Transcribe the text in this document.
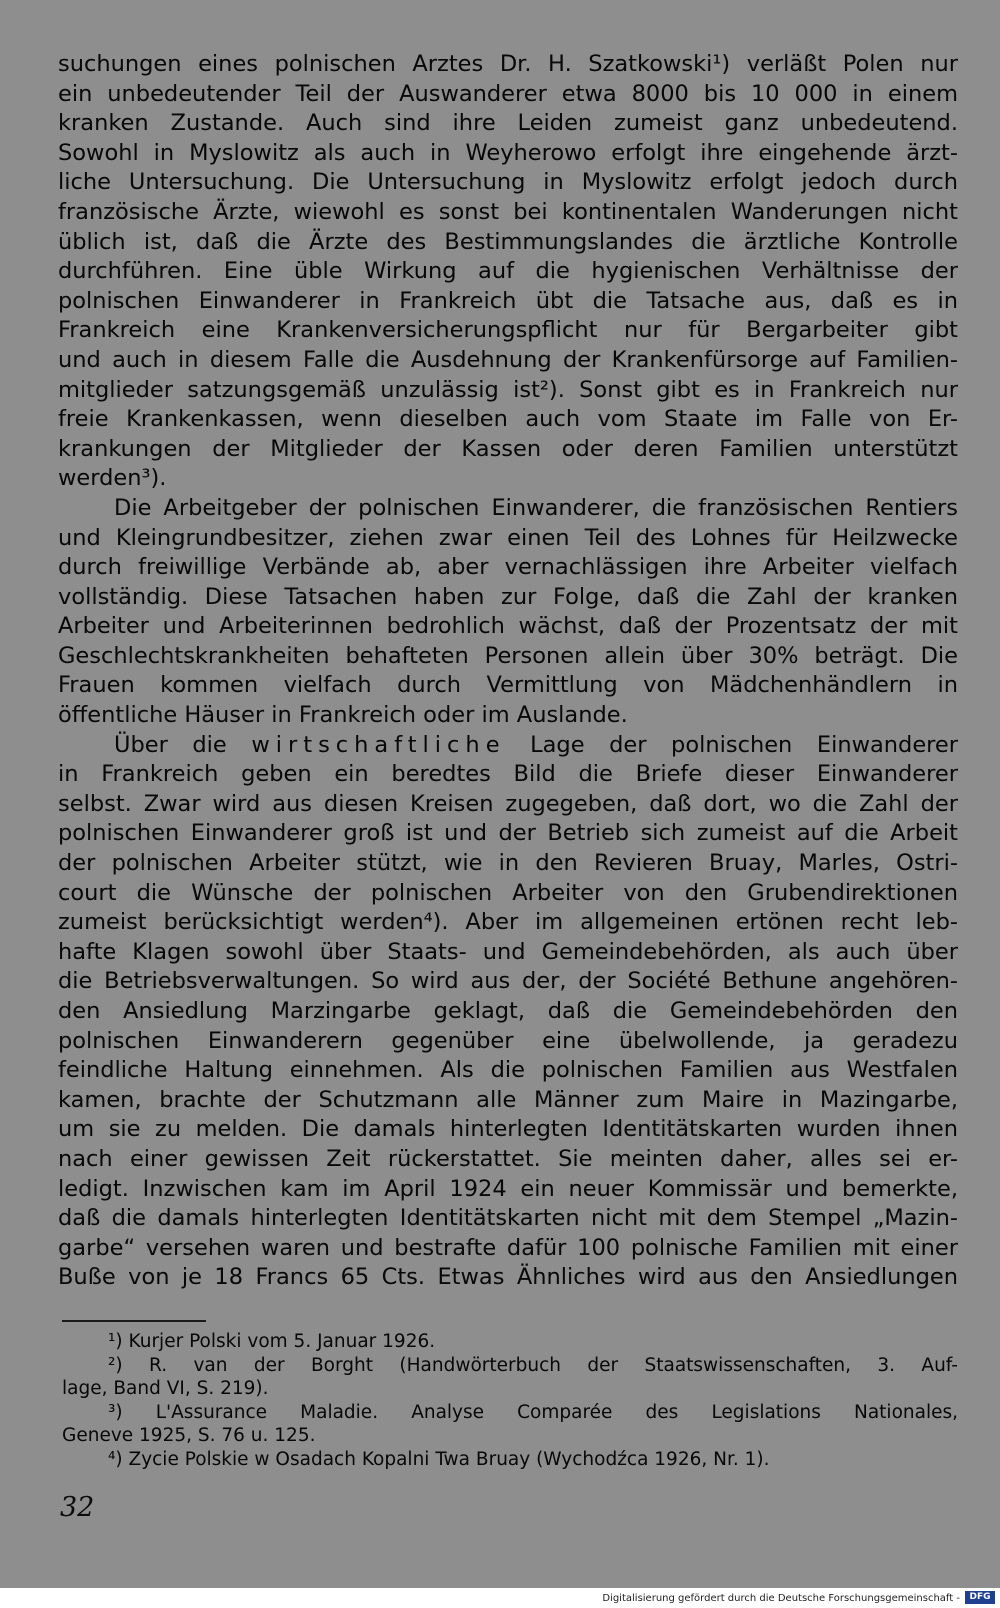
suchungen eines polnischen Arztes Dr. H. Szatkowski¹) verläßt Polen nur
ein unbedeutender Teil der Auswanderer etwa 8000 bis 10 000 in einem
kranken Zustande. Auch sind ihre Leiden zumeist ganz unbedeutend.
Sowohl in Myslowitz als auch in Weyherowo erfolgt ihre eingehende ärzt-
liche Untersuchung. Die Untersuchung in Myslowitz erfolgt jedoch durch
französische Ärzte, wiewohl es sonst bei kontinentalen Wanderungen nicht
üblich ist, daß die Ärzte des Bestimmungslandes die ärztliche Kontrolle
durchführen. Eine üble Wirkung auf die hygienischen Verhältnisse der
polnischen Einwanderer in Frankreich übt die Tatsache aus, daß es in
Frankreich eine Krankenversicherungspflicht nur für Bergarbeiter gibt
und auch in diesem Falle die Ausdehnung der Krankenfürsorge auf Familien-
mitglieder satzungsgemäß unzulässig ist²). Sonst gibt es in Frankreich nur
freie Krankenkassen, wenn dieselben auch vom Staate im Falle von Er-
krankungen der Mitglieder der Kassen oder deren Familien unterstützt
werden³).
Die Arbeitgeber der polnischen Einwanderer, die französischen Rentiers
und Kleingrundbesitzer, ziehen zwar einen Teil des Lohnes für Heilzwecke
durch freiwillige Verbände ab, aber vernachlässigen ihre Arbeiter vielfach
vollständig. Diese Tatsachen haben zur Folge, daß die Zahl der kranken
Arbeiter und Arbeiterinnen bedrohlich wächst, daß der Prozentsatz der mit
Geschlechtskrankheiten behafteten Personen allein über 30% beträgt. Die
Frauen kommen vielfach durch Vermittlung von Mädchenhändlern in
öffentliche Häuser in Frankreich oder im Auslande.
Über die wirtschaftliche Lage der polnischen Einwanderer
in Frankreich geben ein beredtes Bild die Briefe dieser Einwanderer
selbst. Zwar wird aus diesen Kreisen zugegeben, daß dort, wo die Zahl der
polnischen Einwanderer groß ist und der Betrieb sich zumeist auf die Arbeit
der polnischen Arbeiter stützt, wie in den Revieren Bruay, Marles, Ostri-
court die Wünsche der polnischen Arbeiter von den Grubendirektionen
zumeist berücksichtigt werden⁴). Aber im allgemeinen ertönen recht leb-
hafte Klagen sowohl über Staats- und Gemeindebehörden, als auch über
die Betriebsverwaltungen. So wird aus der, der Société Bethune angehören-
den Ansiedlung Marzingarbe geklagt, daß die Gemeindebehörden den
polnischen Einwanderern gegenüber eine übelwollende, ja geradezu
feindliche Haltung einnehmen. Als die polnischen Familien aus Westfalen
kamen, brachte der Schutzmann alle Männer zum Maire in Mazingarbe,
um sie zu melden. Die damals hinterlegten Identitätskarten wurden ihnen
nach einer gewissen Zeit rückerstattet. Sie meinten daher, alles sei er-
ledigt. Inzwischen kam im April 1924 ein neuer Kommissär und bemerkte,
daß die damals hinterlegten Identitätskarten nicht mit dem Stempel „Mazin-
garbe“ versehen waren und bestrafte dafür 100 polnische Familien mit einer
Buße von je 18 Francs 65 Cts. Etwas Ähnliches wird aus den Ansiedlungen
¹) Kurjer Polski vom 5. Januar 1926.
²) R. van der Borght (Handwörterbuch der Staatswissenschaften, 3. Auf-
lage, Band VI, S. 219).
³) L'Assurance Maladie. Analyse Comparée des Legislations Nationales,
Geneve 1925, S. 76 u. 125.
⁴) Zycie Polskie w Osadach Kopalni Twa Bruay (Wychodźca 1926, Nr. 1).
32
Digitalisierung gefördert durch die Deutsche Forschungsgemeinschaft -	DFG
